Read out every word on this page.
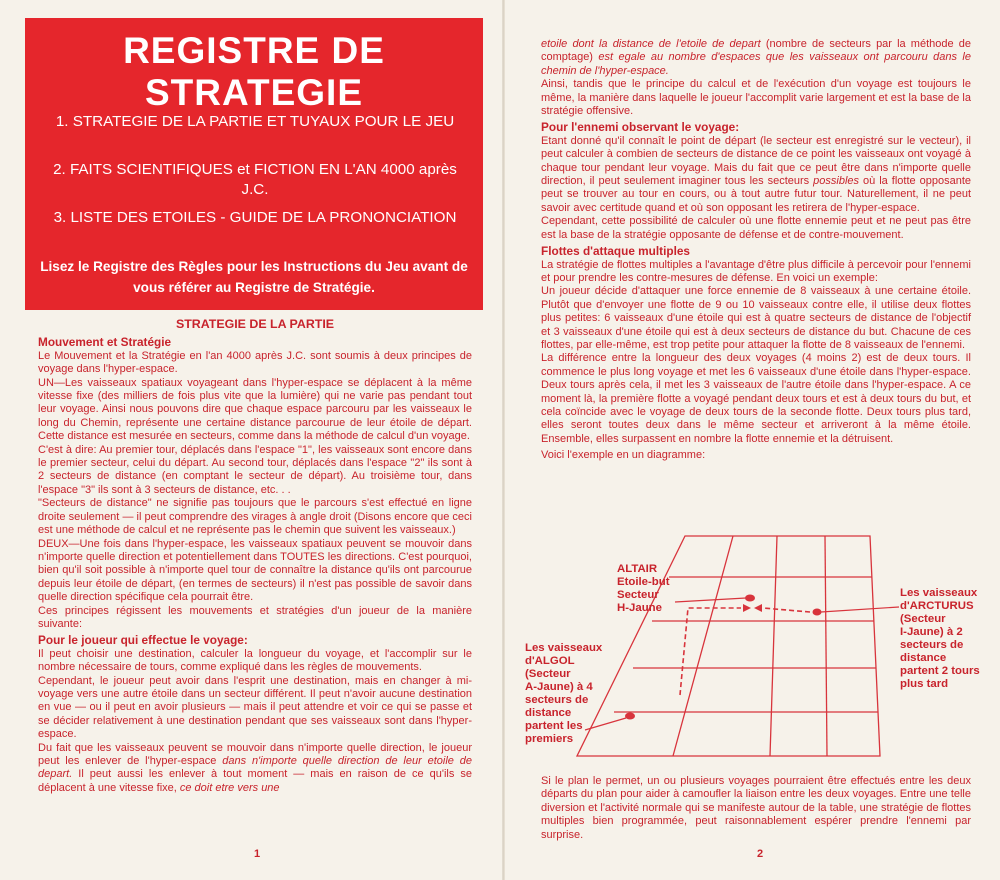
REGISTRE DE STRATEGIE
1. STRATEGIE DE LA PARTIE ET TUYAUX POUR LE JEU
2. FAITS SCIENTIFIQUES et FICTION EN L'AN 4000 après J.C.
3. LISTE DES ETOILES - GUIDE DE LA PRONONCIATION
Lisez le Registre des Règles pour les Instructions du Jeu avant de vous référer au Registre de Stratégie.

STRATEGIE DE LA PARTIE

Mouvement et Stratégie

Le Mouvement et la Stratégie en l'an 4000 après J.C. sont soumis à deux principes de voyage dans l'hyper-espace.

UN—Les vaisseaux spatiaux voyageant dans l'hyper-espace se déplacent à la même vitesse fixe (des milliers de fois plus vite que la lumière) qui ne varie pas pendant tout leur voyage. Ainsi nous pouvons dire que chaque espace parcouru par les vaisseaux le long du Chemin, représente une certaine distance parcourue de leur étoile de départ. Cette distance est mesurée en secteurs, comme dans la méthode de calcul d'un voyage.

C'est à dire: Au premier tour, déplacés dans l'espace "1", les vaisseaux sont encore dans le premier secteur, celui du départ. Au second tour, déplacés dans l'espace "2" ils sont à 2 secteurs de distance (en comptant le secteur de départ). Au troisième tour, dans l'espace "3" ils sont à 3 secteurs de distance, etc. . .

"Secteurs de distance" ne signifie pas toujours que le parcours s'est effectué en ligne droite seulement — il peut comprendre des virages à angle droit (Disons encore que ceci est une méthode de calcul et ne représente pas le chemin que suivent les vaisseaux.)

DEUX—Une fois dans l'hyper-espace, les vaisseaux spatiaux peuvent se mouvoir dans n'importe quelle direction et potentiellement dans TOUTES les directions. C'est pourquoi, bien qu'il soit possible à n'importe quel tour de connaître la distance qu'ils ont parcourue depuis leur étoile de départ, (en termes de secteurs) il n'est pas possible de savoir dans quelle direction spécifique cela pourrait être.

Ces principes régissent les mouvements et stratégies d'un joueur de la manière suivante:

Pour le joueur qui effectue le voyage:

Il peut choisir une destination, calculer la longueur du voyage, et l'accomplir sur le nombre nécessaire de tours, comme expliqué dans les règles de mouvements.

Cependant, le joueur peut avoir dans l'esprit une destination, mais en changer à mi-voyage vers une autre étoile dans un secteur différent. Il peut n'avoir aucune destination en vue — ou il peut en avoir plusieurs — mais il peut attendre et voir ce qui se passe et se décider relativement à une destination pendant que ses vaisseaux sont dans l'hyper-espace.

Du fait que les vaisseaux peuvent se mouvoir dans n'importe quelle direction, le joueur peut les enlever de l'hyper-espace dans n'importe quelle direction de leur etoile de depart. Il peut aussi les enlever à tout moment — mais en raison de ce qu'ils se déplacent à une vitesse fixe, ce doit etre vers une

1

etoile dont la distance de l'etoile de depart (nombre de secteurs par la méthode de comptage) est egale au nombre d'espaces que les vaisseaux ont parcouru dans le chemin de l'hyper-espace.

Ainsi, tandis que le principe du calcul et de l'exécution d'un voyage est toujours le même, la manière dans laquelle le joueur l'accomplit varie largement et est la base de la stratégie offensive.

Pour l'ennemi observant le voyage:

Etant donné qu'il connaît le point de départ (le secteur est enregistré sur le vecteur), il peut calculer à combien de secteurs de distance de ce point les vaisseaux ont voyagé à chaque tour pendant leur voyage. Mais du fait que ce peut être dans n'importe quelle direction, il peut seulement imaginer tous les secteurs possibles où la flotte opposante peut se trouver au tour en cours, ou à tout autre futur tour. Naturellement, il ne peut savoir avec certitude quand et où son opposant les retirera de l'hyper-espace.

Cependant, cette possibilité de calculer où une flotte ennemie peut et ne peut pas être est la base de la stratégie opposante de défense et de contre-mouvement.

Flottes d'attaque multiples

La stratégie de flottes multiples a l'avantage d'être plus difficile à percevoir pour l'ennemi et pour prendre les contre-mesures de défense. En voici un exemple:

Un joueur décide d'attaquer une force ennemie de 8 vaisseaux à une certaine étoile. Plutôt que d'envoyer une flotte de 9 ou 10 vaisseaux contre elle, il utilise deux flottes plus petites: 6 vaisseaux d'une étoile qui est à quatre secteurs de distance de l'objectif et 3 vaisseaux d'une étoile qui est à deux secteurs de distance du but. Chacune de ces flottes, par elle-même, est trop petite pour attaquer la flotte de 8 vaisseaux de l'ennemi.

La différence entre la longueur des deux voyages (4 moins 2) est de deux tours. Il commence le plus long voyage et met les 6 vaisseaux d'une étoile dans l'hyper-espace. Deux tours après cela, il met les 3 vaisseaux de l'autre étoile dans l'hyper-espace. A ce moment là, la première flotte a voyagé pendant deux tours et est à deux tours du but, et cela coïncide avec le voyage de deux tours de la seconde flotte. Deux tours plus tard, elles seront toutes deux dans le même secteur et arriveront à la même étoile. Ensemble, elles surpassent en nombre la flotte ennemie et la détruisent.

Voici l'exemple en un diagramme:

ALTAIR
Etoile-but
Secteur
H-Jaune
Les vaisseaux
d'ARCTURUS
(Secteur
I-Jaune) à 2
secteurs de
distance
partent 2 tours
plus tard
Les vaisseaux
d'ALGOL
(Secteur
A-Jaune) à 4
secteurs de
distance
partent les
premiers

Si le plan le permet, un ou plusieurs voyages pourraient être effectués entre les deux départs du plan pour aider à camoufler la liaison entre les deux voyages. Entre une telle diversion et l'activité normale qui se manifeste autour de la table, une stratégie de flottes multiples bien programmée, peut raisonnablement espérer prendre l'ennemi par surprise.

2
